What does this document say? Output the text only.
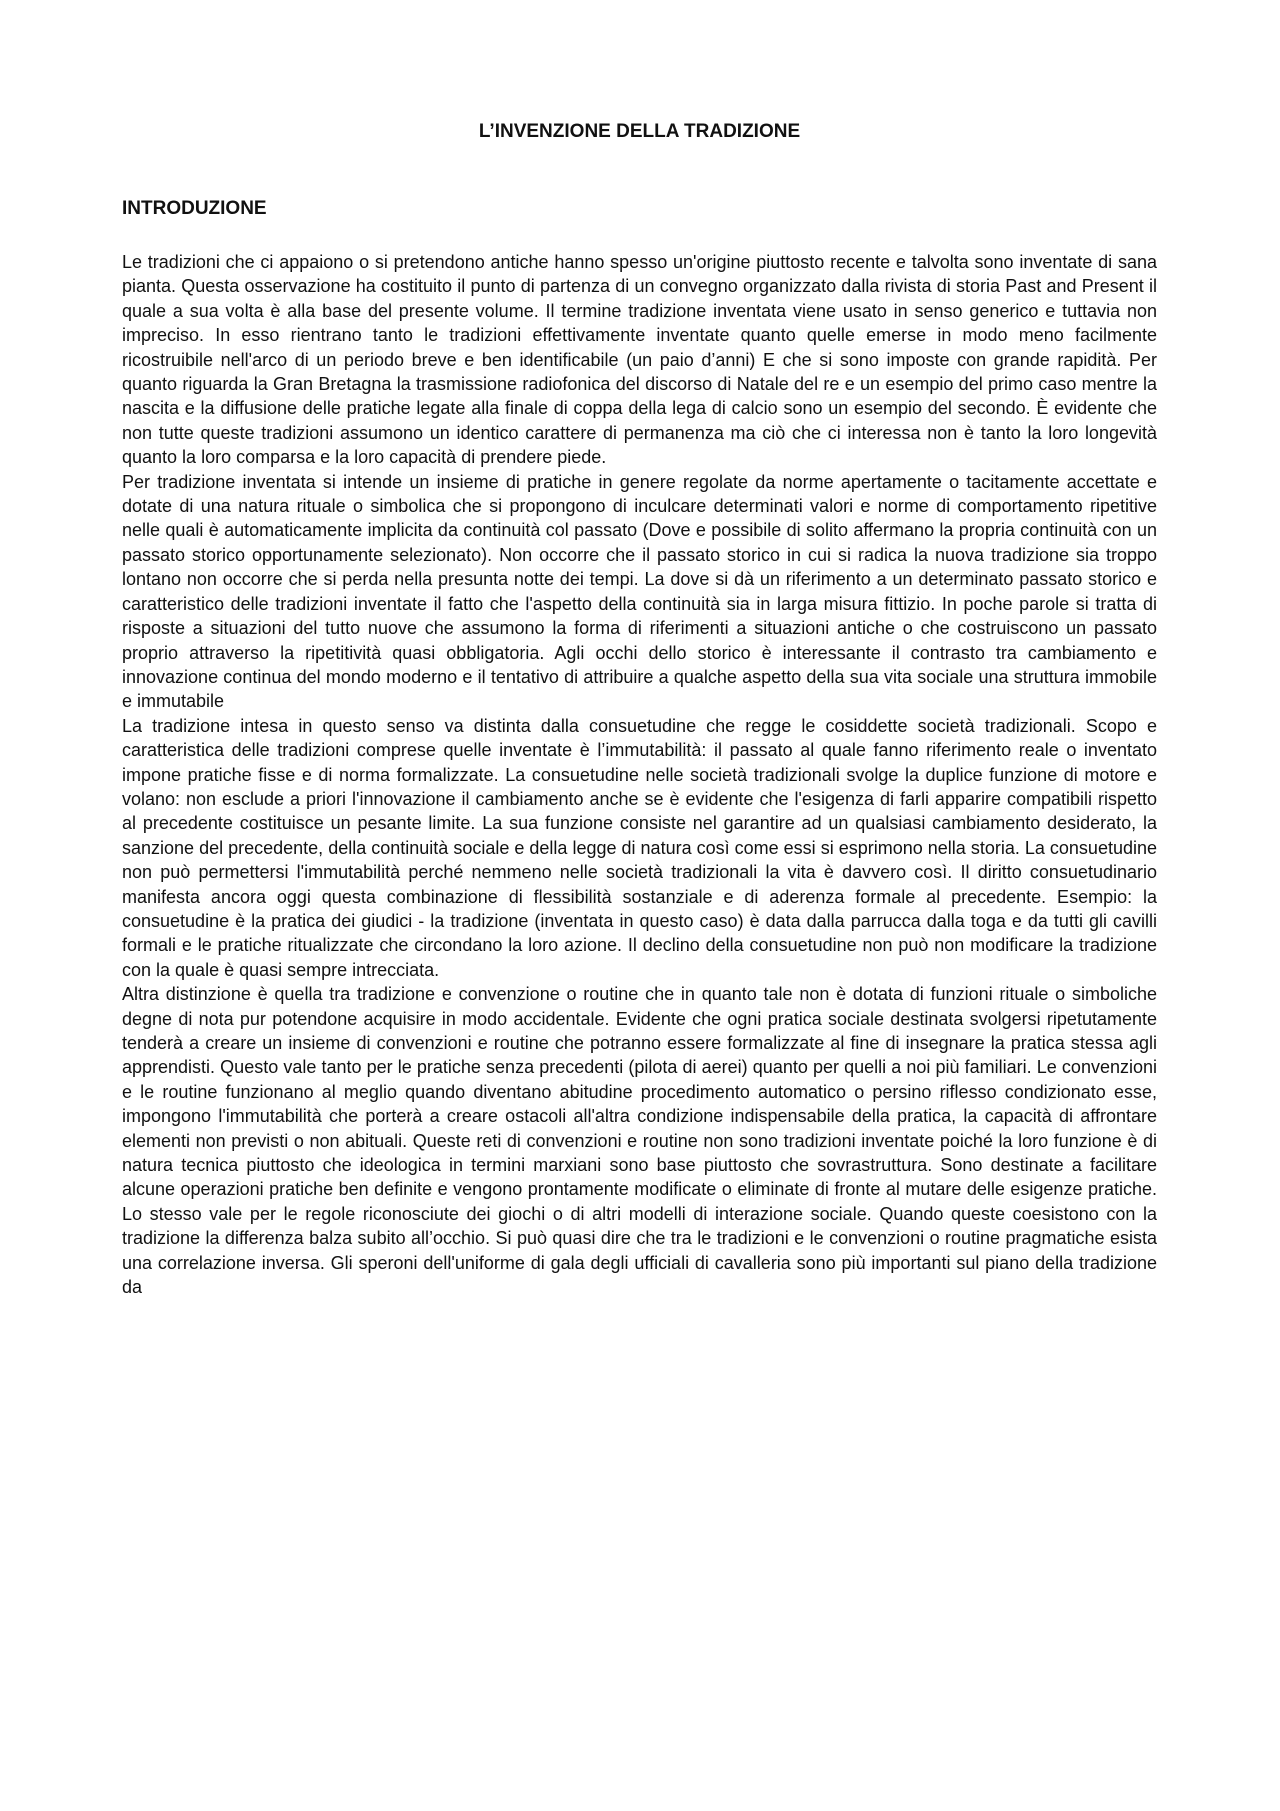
L’INVENZIONE DELLA TRADIZIONE
INTRODUZIONE

Le tradizioni che ci appaiono o si pretendono antiche hanno spesso un'origine piuttosto recente e talvolta sono inventate di sana pianta. Questa osservazione ha costituito il punto di partenza di un convegno organizzato dalla rivista di storia Past and Present il quale a sua volta è alla base del presente volume. Il termine tradizione inventata viene usato in senso generico e tuttavia non impreciso. In esso rientrano tanto le tradizioni effettivamente inventate quanto quelle emerse in modo meno facilmente ricostruibile nell'arco di un periodo breve e ben identificabile (un paio d’anni) E che si sono imposte con grande rapidità. Per quanto riguarda la Gran Bretagna la trasmissione radiofonica del discorso di Natale del re e un esempio del primo caso mentre la nascita e la diffusione delle pratiche legate alla finale di coppa della lega di calcio sono un esempio del secondo. È evidente che non tutte queste tradizioni assumono un identico carattere di permanenza ma ciò che ci interessa non è tanto la loro longevità quanto la loro comparsa e la loro capacità di prendere piede.

Per tradizione inventata si intende un insieme di pratiche in genere regolate da norme apertamente o tacitamente accettate e dotate di una natura rituale o simbolica che si propongono di inculcare determinati valori e norme di comportamento ripetitive nelle quali è automaticamente implicita da continuità col passato (Dove e possibile di solito affermano la propria continuità con un passato storico opportunamente selezionato). Non occorre che il passato storico in cui si radica la nuova tradizione sia troppo lontano non occorre che si perda nella presunta notte dei tempi. La dove si dà un riferimento a un determinato passato storico e caratteristico delle tradizioni inventate il fatto che l'aspetto della continuità sia in larga misura fittizio. In poche parole si tratta di risposte a situazioni del tutto nuove che assumono la forma di riferimenti a situazioni antiche o che costruiscono un passato proprio attraverso la ripetitività quasi obbligatoria. Agli occhi dello storico è interessante il contrasto tra cambiamento e innovazione continua del mondo moderno e il tentativo di attribuire a qualche aspetto della sua vita sociale una struttura immobile e immutabile

La tradizione intesa in questo senso va distinta dalla consuetudine che regge le cosiddette società tradizionali. Scopo e caratteristica delle tradizioni comprese quelle inventate è l’immutabilità: il passato al quale fanno riferimento reale o inventato impone pratiche fisse e di norma formalizzate. La consuetudine nelle società tradizionali svolge la duplice funzione di motore e volano: non esclude a priori l'innovazione il cambiamento anche se è evidente che l'esigenza di farli apparire compatibili rispetto al precedente costituisce un pesante limite. La sua funzione consiste nel garantire ad un qualsiasi cambiamento desiderato, la sanzione del precedente, della continuità sociale e della legge di natura così come essi si esprimono nella storia. La consuetudine non può permettersi l'immutabilità perché nemmeno nelle società tradizionali la vita è davvero così. Il diritto consuetudinario manifesta ancora oggi questa combinazione di flessibilità sostanziale e di aderenza formale al precedente. Esempio: la consuetudine è la pratica dei giudici - la tradizione (inventata in questo caso) è data dalla parrucca dalla toga e da tutti gli cavilli formali e le pratiche ritualizzate che circondano la loro azione. Il declino della consuetudine non può non modificare la tradizione con la quale è quasi sempre intrecciata.

Altra distinzione è quella tra tradizione e convenzione o routine che in quanto tale non è dotata di funzioni rituale o simboliche degne di nota pur potendone acquisire in modo accidentale. Evidente che ogni pratica sociale destinata svolgersi ripetutamente tenderà a creare un insieme di convenzioni e routine che potranno essere formalizzate al fine di insegnare la pratica stessa agli apprendisti. Questo vale tanto per le pratiche senza precedenti (pilota di aerei) quanto per quelli a noi più familiari. Le convenzioni e le routine funzionano al meglio quando diventano abitudine procedimento automatico o persino riflesso condizionato esse, impongono l'immutabilità che porterà a creare ostacoli all'altra condizione indispensabile della pratica, la capacità di affrontare elementi non previsti o non abituali. Queste reti di convenzioni e routine non sono tradizioni inventate poiché la loro funzione è di natura tecnica piuttosto che ideologica in termini marxiani sono base piuttosto che sovrastruttura. Sono destinate a facilitare alcune operazioni pratiche ben definite e vengono prontamente modificate o eliminate di fronte al mutare delle esigenze pratiche. Lo stesso vale per le regole riconosciute dei giochi o di altri modelli di interazione sociale. Quando queste coesistono con la tradizione la differenza balza subito all’occhio. Si può quasi dire che tra le tradizioni e le convenzioni o routine pragmatiche esista una correlazione inversa. Gli speroni dell'uniforme di gala degli ufficiali di cavalleria sono più importanti sul piano della tradizione da
